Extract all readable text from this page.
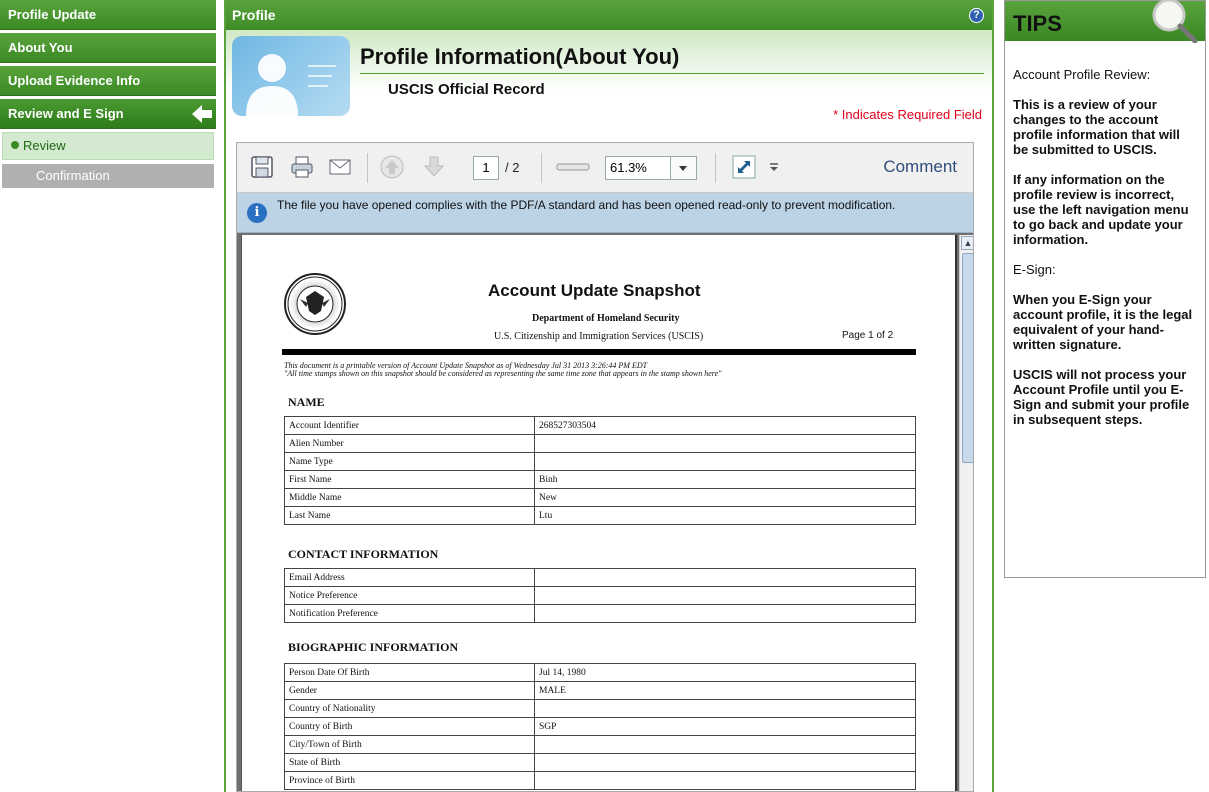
Profile Update
About You
Upload Evidence Info
Review and E Sign
Review
Confirmation
Profile	?
Profile Information(About You)
USCIS Official Record
* Indicates Required Field
1	/ 2	61.3%	Comment
i	The file you have opened complies with the PDF/A standard and has been opened read-only to prevent modification.
Account Update Snapshot
Department of Homeland Security
U.S. Citizenship and Immigration Services (USCIS)	Page 1 of 2
This document is a printable version of Account Update Snapshot as of Wednesday Jul 31 2013 3:26:44 PM EDT
"All time stamps shown on this snapshot should be considered as representing the same time zone that appears in the stamp shown here"
NAME
Account Identifier	268527303504
Alien Number	
Name Type	
First Name	Binh
Middle Name	New
Last Name	Ltu
CONTACT INFORMATION
Email Address	
Notice Preference	
Notification Preference	
BIOGRAPHIC INFORMATION
Person Date Of Birth	Jul 14, 1980
Gender	MALE
Country of Nationality	
Country of Birth	SGP
City/Town of Birth	
State of Birth	
Province of Birth	
▲
TIPS

Account Profile Review:

This is a review of your changes to the account profile information that will be submitted to USCIS.

If any information on the profile review is incorrect, use the left navigation menu to go back and update your information.

E-Sign:

When you E-Sign your account profile, it is the legal equivalent of your hand-written signature.

USCIS will not process your Account Profile until you E-Sign and submit your profile in subsequent steps.
